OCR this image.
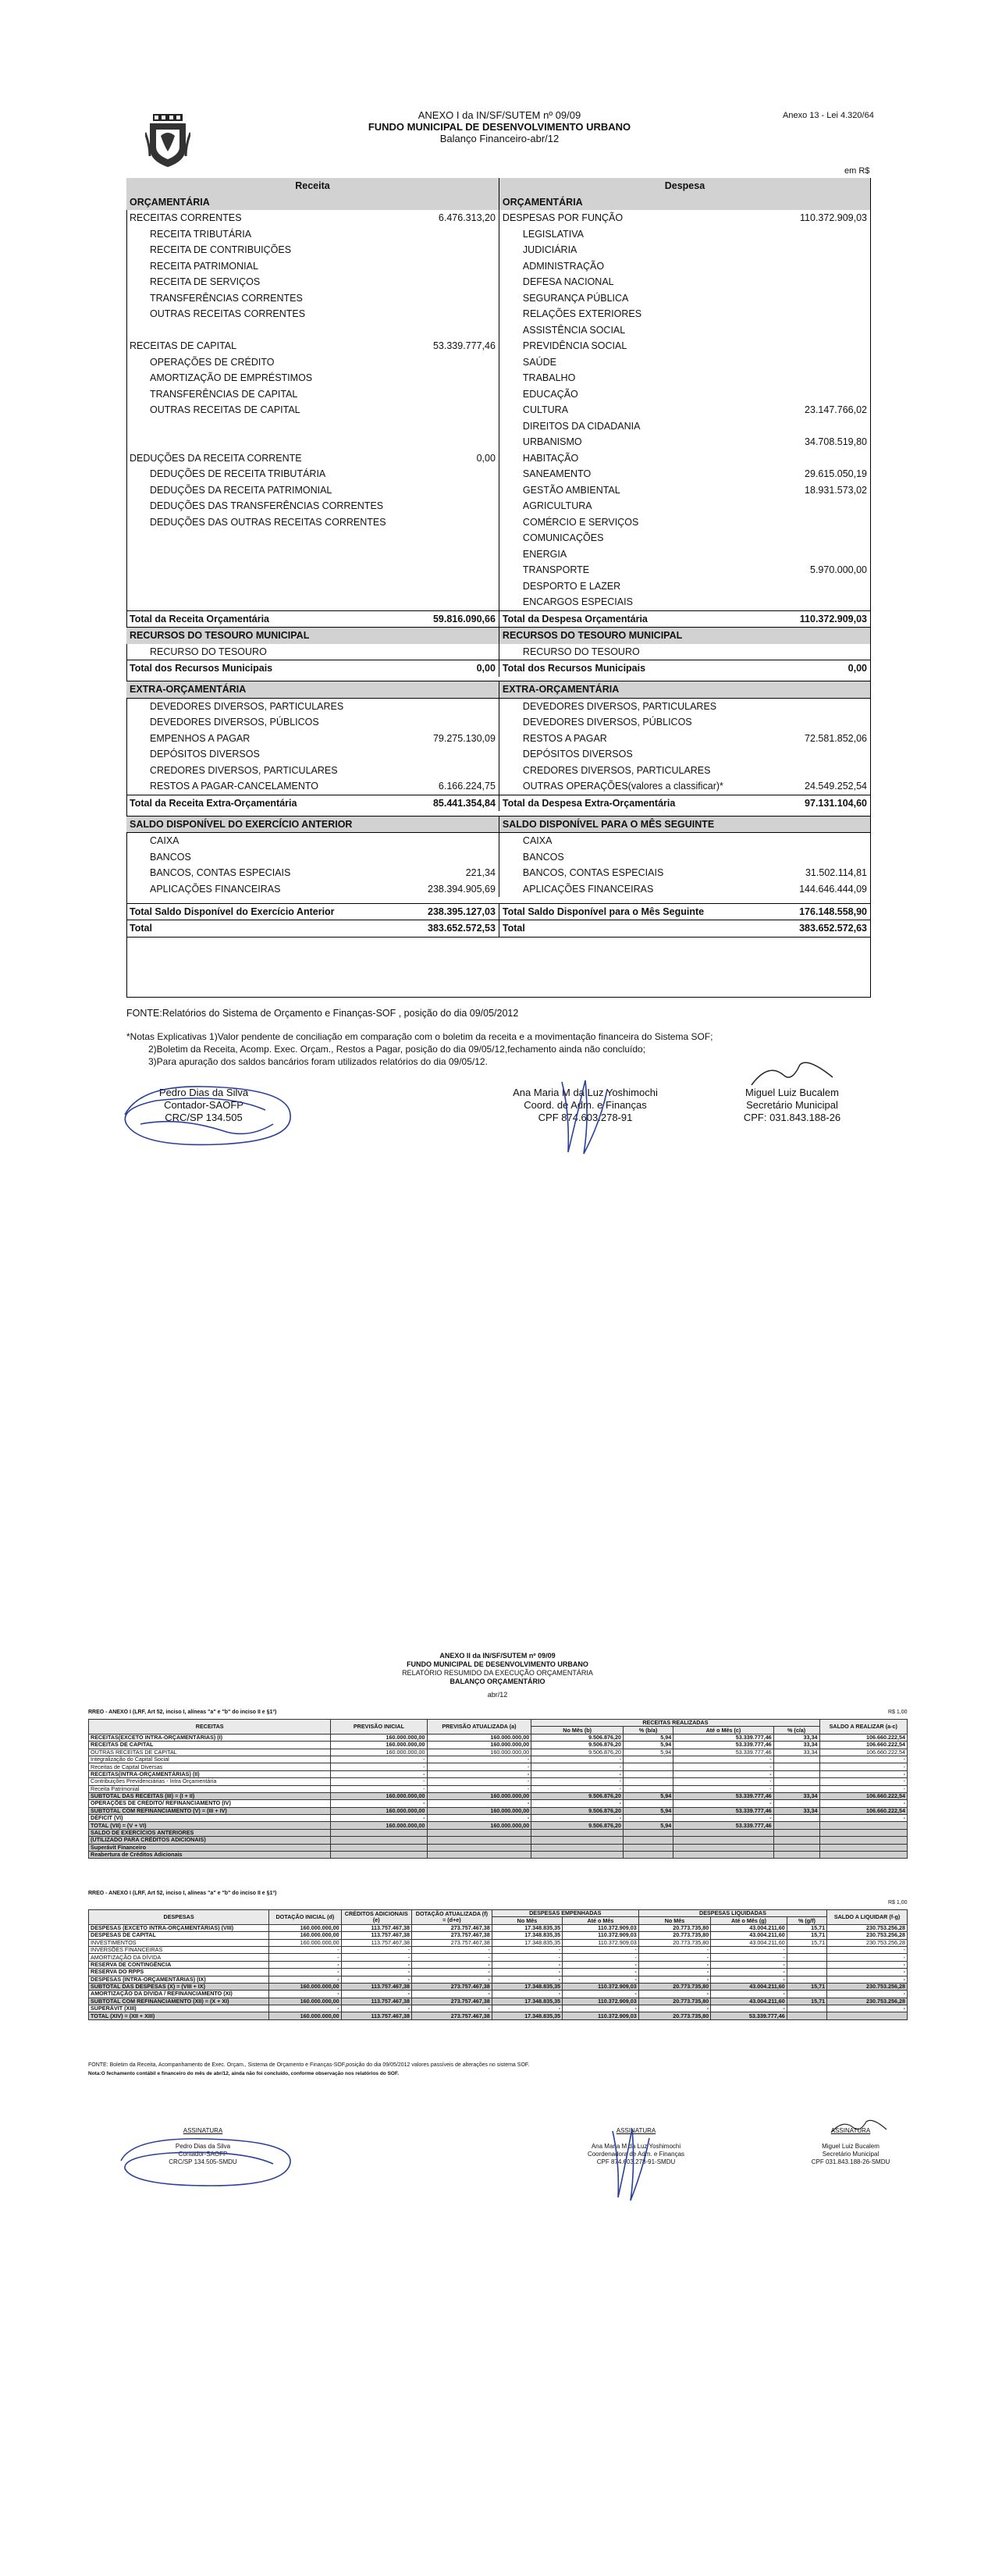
ANEXO I da IN/SF/SUTEM nº 09/09
FUNDO MUNICIPAL DE DESENVOLVIMENTO URBANO
Balanço Financeiro-abr/12
Anexo 13 - Lei 4.320/64
em R$
Receita		Despesa	
ORÇAMENTÁRIA		ORÇAMENTÁRIA	
RECEITAS CORRENTES	6.476.313,20	DESPESAS POR FUNÇÃO	110.372.909,03
RECEITA TRIBUTÁRIA		LEGISLATIVA	
RECEITA DE CONTRIBUIÇÕES		JUDICIÁRIA	
RECEITA PATRIMONIAL		ADMINISTRAÇÃO	
RECEITA DE SERVIÇOS		DEFESA NACIONAL	
TRANSFERÊNCIAS CORRENTES		SEGURANÇA PÚBLICA	
OUTRAS RECEITAS CORRENTES		RELAÇÕES EXTERIORES	
		ASSISTÊNCIA SOCIAL	
RECEITAS DE CAPITAL	53.339.777,46	PREVIDÊNCIA SOCIAL	
OPERAÇÕES DE CRÉDITO		SAÚDE	
AMORTIZAÇÃO DE EMPRÉSTIMOS		TRABALHO	
TRANSFERÊNCIAS DE CAPITAL		EDUCAÇÃO	
OUTRAS RECEITAS DE CAPITAL		CULTURA	23.147.766,02
		DIREITOS DA CIDADANIA	
		URBANISMO	34.708.519,80
DEDUÇÕES DA RECEITA CORRENTE	0,00	HABITAÇÃO	
DEDUÇÕES DE RECEITA TRIBUTÁRIA		SANEAMENTO	29.615.050,19
DEDUÇÕES DA RECEITA PATRIMONIAL		GESTÃO AMBIENTAL	18.931.573,02
DEDUÇÕES DAS TRANSFERÊNCIAS CORRENTES		AGRICULTURA	
DEDUÇÕES DAS OUTRAS RECEITAS CORRENTES		COMÉRCIO E SERVIÇOS	
		COMUNICAÇÕES	
		ENERGIA	
		TRANSPORTE	5.970.000,00
		DESPORTO E LAZER	
		ENCARGOS ESPECIAIS	
Total da Receita Orçamentária	59.816.090,66	Total da Despesa Orçamentária	110.372.909,03
RECURSOS DO TESOURO MUNICIPAL		RECURSOS DO TESOURO MUNICIPAL	
RECURSO DO TESOURO		RECURSO DO TESOURO	
Total dos Recursos Municipais	0,00	Total dos Recursos Municipais	0,00

EXTRA-ORÇAMENTÁRIA		EXTRA-ORÇAMENTÁRIA	
DEVEDORES DIVERSOS, PARTICULARES		DEVEDORES DIVERSOS, PARTICULARES	
DEVEDORES DIVERSOS, PÚBLICOS		DEVEDORES DIVERSOS, PÚBLICOS	
EMPENHOS A PAGAR	79.275.130,09	RESTOS A PAGAR	72.581.852,06
DEPÓSITOS DIVERSOS		DEPÓSITOS DIVERSOS	
CREDORES DIVERSOS, PARTICULARES		CREDORES DIVERSOS, PARTICULARES	
RESTOS A PAGAR-CANCELAMENTO	6.166.224,75	OUTRAS OPERAÇÕES(valores a classificar)*	24.549.252,54
Total da Receita Extra-Orçamentária	85.441.354,84	Total da Despesa Extra-Orçamentária	97.131.104,60

SALDO DISPONÍVEL DO EXERCÍCIO ANTERIOR		SALDO DISPONÍVEL PARA O MÊS SEGUINTE	
CAIXA		CAIXA	
BANCOS		BANCOS	
BANCOS, CONTAS ESPECIAIS	221,34	BANCOS, CONTAS ESPECIAIS	31.502.114,81
APLICAÇÕES FINANCEIRAS	238.394.905,69	APLICAÇÕES FINANCEIRAS	144.646.444,09

Total Saldo Disponível do Exercício Anterior	238.395.127,03	Total Saldo Disponível para o Mês Seguinte	176.148.558,90
Total	383.652.572,53	Total	383.652.572,63
FONTE:Relatórios do Sistema de Orçamento e Finanças-SOF , posição do dia 09/05/2012
*Notas Explicativas 1)Valor pendente de conciliação em comparação com o boletim da receita e a movimentação financeira do Sistema SOF;
2)Boletim da Receita, Acomp. Exec. Orçam., Restos a Pagar, posição do dia 09/05/12,fechamento ainda não concluído;
3)Para apuração dos saldos bancários foram utilizados relatórios do dia 09/05/12.
Pedro Dias da Silva
Contador-SAOFP
CRC/SP 134.505
Ana Maria M da Luz Yoshimochi
Coord. de Adm. e Finanças
CPF 874.603.278-91
Miguel Luiz Bucalem
Secretário Municipal
CPF: 031.843.188-26
ANEXO II da IN/SF/SUTEM nº 09/09
FUNDO MUNICIPAL DE DESENVOLVIMENTO URBANO
RELATÓRIO RESUMIDO DA EXECUÇÃO ORÇAMENTÁRIA
BALANÇO ORÇAMENTÁRIO
abr/12
RREO - ANEXO I (LRF, Art 52, inciso I, alíneas "a" e "b" do inciso II e §1º)	R$ 1,00
RECEITAS	PREVISÃO INICIAL	PREVISÃO ATUALIZADA (a)	RECEITAS REALIZADAS				SALDO A REALIZAR (a-c)
			No Mês (b)	% (b/a)	Até o Mês (c)	% (c/a)	
RECEITAS(EXCETO INTRA-ORÇAMENTÁRIAS) (I)	160.000.000,00	160.000.000,00	9.506.876,20	5,94	53.339.777,46	33,34	106.660.222,54
RECEITAS DE CAPITAL	160.000.000,00	160.000.000,00	9.506.876,20	5,94	53.339.777,46	33,34	106.660.222,54
OUTRAS RECEITAS DE CAPITAL	160.000.000,00	160.000.000,00	9.506.876,20	5,94	53.339.777,46	33,34	106.660.222,54
Integralização do Capital Social	-	-	-		-		-
Receitas de Capital Diversas	-	-	-		-		-
RECEITAS(INTRA-ORÇAMENTÁRIAS) (II)	-	-	-		-		-
Contribuições Previdenciárias - Intra Orçamentária	-	-	-		-		-
Receita Patrimonial	-	-	-		-		-
SUBTOTAL DAS RECEITAS (III) = (I + II)	160.000.000,00	160.000.000,00	9.506.876,20	5,94	53.339.777,46	33,34	106.660.222,54
OPERAÇÕES DE CRÉDITO/ REFINANCIAMENTO (IV)	-	-	-		-		-
SUBTOTAL COM REFINANCIAMENTO (V) = (III + IV)	160.000.000,00	160.000.000,00	9.506.876,20	5,94	53.339.777,46	33,34	106.660.222,54
DÉFICIT (VI)	-	-	-		-		-
TOTAL (VII) = (V + VI)	160.000.000,00	160.000.000,00	9.506.876,20	5,94	53.339.777,46		
SALDO DE EXERCÍCIOS ANTERIORES							
(UTILIZADO PARA CRÉDITOS ADICIONAIS)							
Superávit Financeiro							
Reabertura de Créditos Adicionais							
RREO - ANEXO I (LRF, Art 52, inciso I, alíneas "a" e "b" do inciso II e §1º)
R$ 1,00
DESPESAS	DOTAÇÃO INICIAL (d)	CRÉDITOS ADICIONAIS (e)	DOTAÇÃO ATUALIZADA (f) = (d+e)	DESPESAS EMPENHADAS		DESPESAS LIQUIDADAS			SALDO A LIQUIDAR (f-g)
				No Mês	Até o Mês	No Mês	Até o Mês (g)	% (g/f)	
DESPESAS (EXCETO INTRA-ORÇAMENTÁRIAS) (VIII)	160.000.000,00	113.757.467,38	273.757.467,38	17.348.835,35	110.372.909,03	20.773.735,80	43.004.211,60	15,71	230.753.256,28
DESPESAS DE CAPITAL	160.000.000,00	113.757.467,38	273.757.467,38	17.348.835,35	110.372.909,03	20.773.735,80	43.004.211,60	15,71	230.753.256,28
INVESTIMENTOS	160.000.000,00	113.757.467,38	273.757.467,38	17.348.835,35	110.372.909,03	20.773.735,80	43.004.211,60	15,71	230.753.256,28
INVERSÕES FINANCEIRAS	-	-	-	-	-	-	-		-
AMORTIZAÇÃO DA DÍVIDA	-	-	-	-	-	-	-		-
RESERVA DE CONTINGÊNCIA	-	-	-	-	-	-	-		-
RESERVA DO RPPS	-	-	-	-	-	-	-		-
DESPESAS (INTRA-ORÇAMENTÁRIAS) (IX)	-	-	-	-	-	-	-		-
SUBTOTAL DAS DESPESAS (X) = (VIII + IX)	160.000.000,00	113.757.467,38	273.757.467,38	17.348.835,35	110.372.909,03	20.773.735,80	43.004.211,60	15,71	230.753.256,28
AMORTIZAÇÃO DA DÍVIDA / REFINANCIAMENTO (XI)	-	-	-	-	-	-	-		-
SUBTOTAL COM REFINANCIAMENTO (XII) = (X + XI)	160.000.000,00	113.757.467,38	273.757.467,38	17.348.835,35	110.372.909,03	20.773.735,80	43.004.211,60	15,71	230.753.256,28
SUPERÁVIT (XIII)	-	-	-	-	-	-	-		-
TOTAL (XIV) = (XII + XIII)	160.000.000,00	113.757.467,38	273.757.467,38	17.348.835,35	110.372.909,03	20.773.735,80	53.339.777,46		
FONTE: Boletim da Receita, Acompanhamento de Exec. Orçam., Sistema de Orçamento e Finanças-SOF,posição do dia 09/05/2012 valores passíveis de alterações no sistema SOF.
Nota:O fechamento contábil e financeiro do mês de abr/12, ainda não foi concluído, conforme observação nos relatórios do SOF.
ASSINATURA
Pedro Dias da Silva
Contador-SAOFP
CRC/SP 134.505-SMDU
ASSINATURA
Ana Maria M da Luz Yoshimochi
Coordenadora de Adm. e Finanças
CPF 874.603.278-91-SMDU
ASSINATURA
Miguel Luiz Bucalem
Secretário Municipal
CPF 031.843.188-26-SMDU
